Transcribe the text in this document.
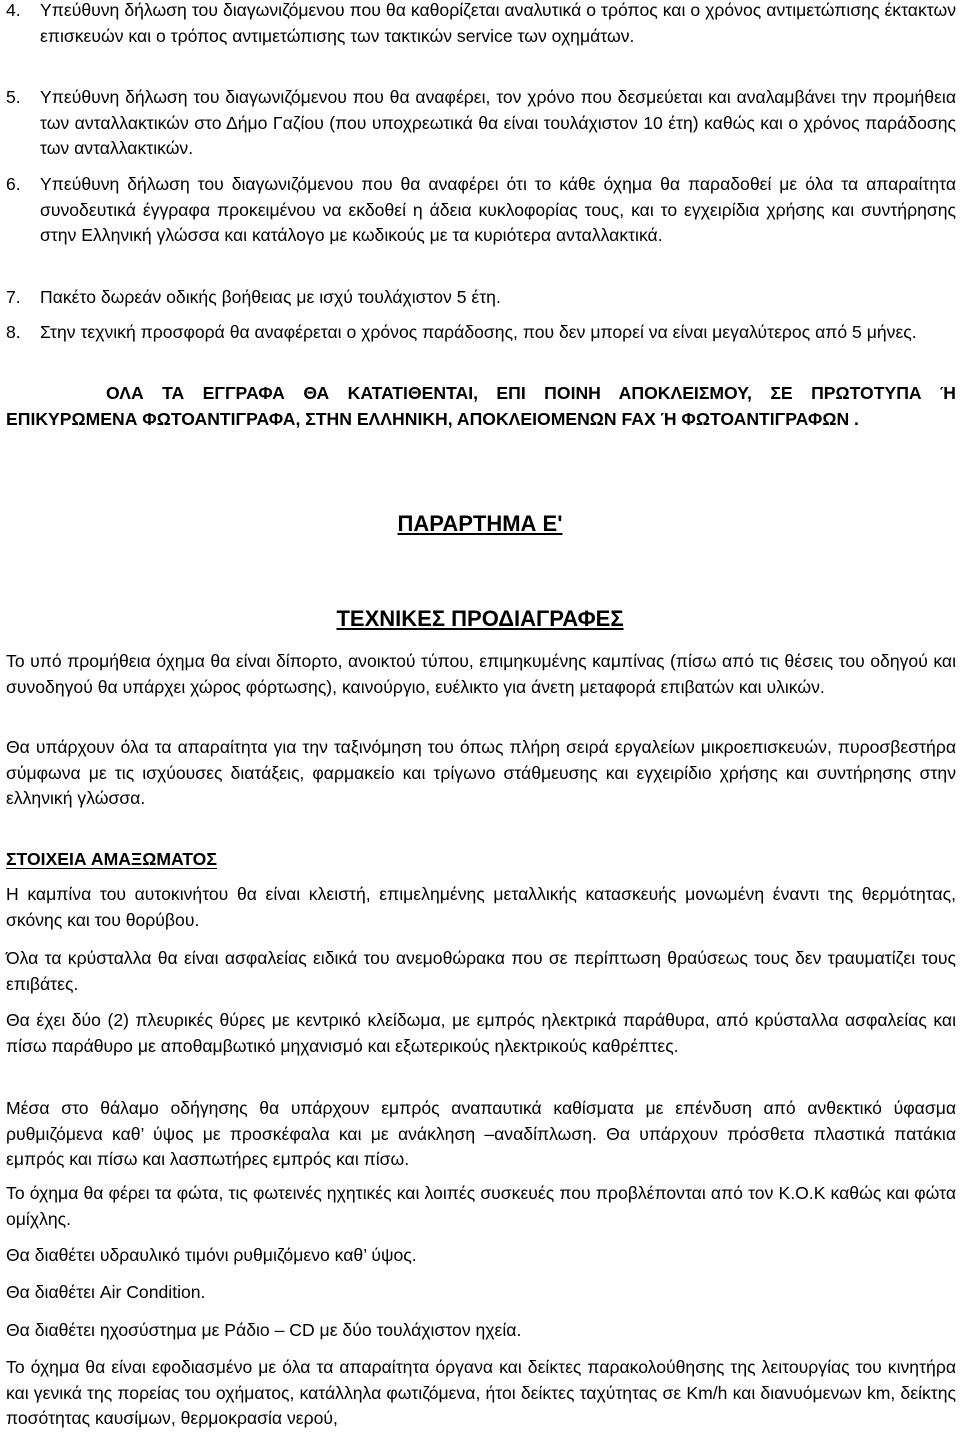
4.	Υπεύθυνη δήλωση του διαγωνιζόμενου που θα καθορίζεται αναλυτικά ο τρόπος και ο χρόνος αντιμετώπισης έκτακτων επισκευών και ο τρόπος αντιμετώπισης των τακτικών service των οχημάτων.
5.	Υπεύθυνη δήλωση του διαγωνιζόμενου που θα αναφέρει, τον χρόνο που δεσμεύεται και αναλαμβάνει την προμήθεια των ανταλλακτικών στο Δήμο Γαζίου (που υποχρεωτικά θα είναι τουλάχιστον 10 έτη) καθώς και ο χρόνος παράδοσης των ανταλλακτικών.
6.	Υπεύθυνη δήλωση του διαγωνιζόμενου που θα αναφέρει ότι το κάθε όχημα θα παραδοθεί με όλα τα απαραίτητα συνοδευτικά έγγραφα προκειμένου να εκδοθεί η άδεια κυκλοφορίας τους, και το εγχειρίδια χρήσης και συντήρησης στην Ελληνική γλώσσα και κατάλογο με κωδικούς με τα κυριότερα ανταλλακτικά.
7.	Πακέτο δωρεάν οδικής βοήθειας με ισχύ τουλάχιστον 5 έτη.
8.	Στην τεχνική προσφορά θα αναφέρεται ο χρόνος παράδοσης, που δεν μπορεί να είναι μεγαλύτερος από 5 μήνες.
ΟΛΑ ΤΑ ΕΓΓΡΑΦΑ ΘΑ ΚΑΤΑΤΙΘΕΝΤΑΙ, ΕΠΙ ΠΟΙΝΗ ΑΠΟΚΛΕΙΣΜΟΥ, ΣΕ ΠΡΩΤΟΤΥΠΑ Ή ΕΠΙΚΥΡΩΜΕΝΑ ΦΩΤΟΑΝΤΙΓΡΑΦΑ, ΣΤΗΝ ΕΛΛΗΝΙΚΗ, ΑΠΟΚΛΕΙΟΜΕΝΩΝ FAX Ή ΦΩΤΟΑΝΤΙΓΡΑΦΩΝ .
ΠΑΡΑΡΤΗΜΑ Ε'
ΤΕΧΝΙΚΕΣ ΠΡΟΔΙΑΓΡΑΦΕΣ
Το υπό προμήθεια όχημα θα είναι δίπορτο, ανοικτού τύπου, επιμηκυμένης καμπίνας (πίσω από τις θέσεις του οδηγού και συνοδηγού θα υπάρχει χώρος φόρτωσης), καινούργιο, ευέλικτο για άνετη μεταφορά επιβατών και υλικών.
Θα υπάρχουν όλα τα απαραίτητα για την ταξινόμηση του όπως πλήρη σειρά εργαλείων μικροεπισκευών, πυροσβεστήρα σύμφωνα με τις ισχύουσες διατάξεις, φαρμακείο και τρίγωνο στάθμευσης και εγχειρίδιο χρήσης και συντήρησης στην ελληνική γλώσσα.
ΣΤΟΙΧΕΙΑ ΑΜΑΞΩΜΑΤΟΣ
Η καμπίνα του αυτοκινήτου θα είναι κλειστή, επιμελημένης μεταλλικής κατασκευής μονωμένη έναντι της θερμότητας, σκόνης και του θορύβου.
Όλα τα κρύσταλλα θα είναι ασφαλείας ειδικά του ανεμοθώρακα που σε περίπτωση θραύσεως τους δεν τραυματίζει τους επιβάτες.
Θα έχει δύο (2) πλευρικές θύρες με κεντρικό κλείδωμα, με εμπρός ηλεκτρικά παράθυρα, από κρύσταλλα ασφαλείας και πίσω παράθυρο με αποθαμβωτικό μηχανισμό και εξωτερικούς ηλεκτρικούς καθρέπτες.
Μέσα στο θάλαμο οδήγησης θα υπάρχουν εμπρός αναπαυτικά καθίσματα με επένδυση από ανθεκτικό ύφασμα ρυθμιζόμενα καθ’ ύψος με προσκέφαλα και με ανάκληση –αναδίπλωση. Θα υπάρχουν πρόσθετα πλαστικά πατάκια εμπρός και πίσω και λασπωτήρες εμπρός και πίσω.
Το όχημα θα φέρει τα φώτα, τις φωτεινές ηχητικές και λοιπές συσκευές που προβλέπονται από τον Κ.Ο.Κ καθώς και φώτα ομίχλης.
Θα διαθέτει υδραυλικό τιμόνι ρυθμιζόμενο καθ’ ύψος.
Θα διαθέτει Air Condition.
Θα διαθέτει ηχοσύστημα με Ράδιο – CD με δύο τουλάχιστον ηχεία.
Το όχημα θα είναι εφοδιασμένο με όλα τα απαραίτητα όργανα και δείκτες παρακολούθησης της λειτουργίας του κινητήρα και γενικά της πορείας του οχήματος, κατάλληλα φωτιζόμενα, ήτοι δείκτες ταχύτητας σε Km/h και διανυόμενων km, δείκτης ποσότητας καυσίμων, θερμοκρασία νερού,
